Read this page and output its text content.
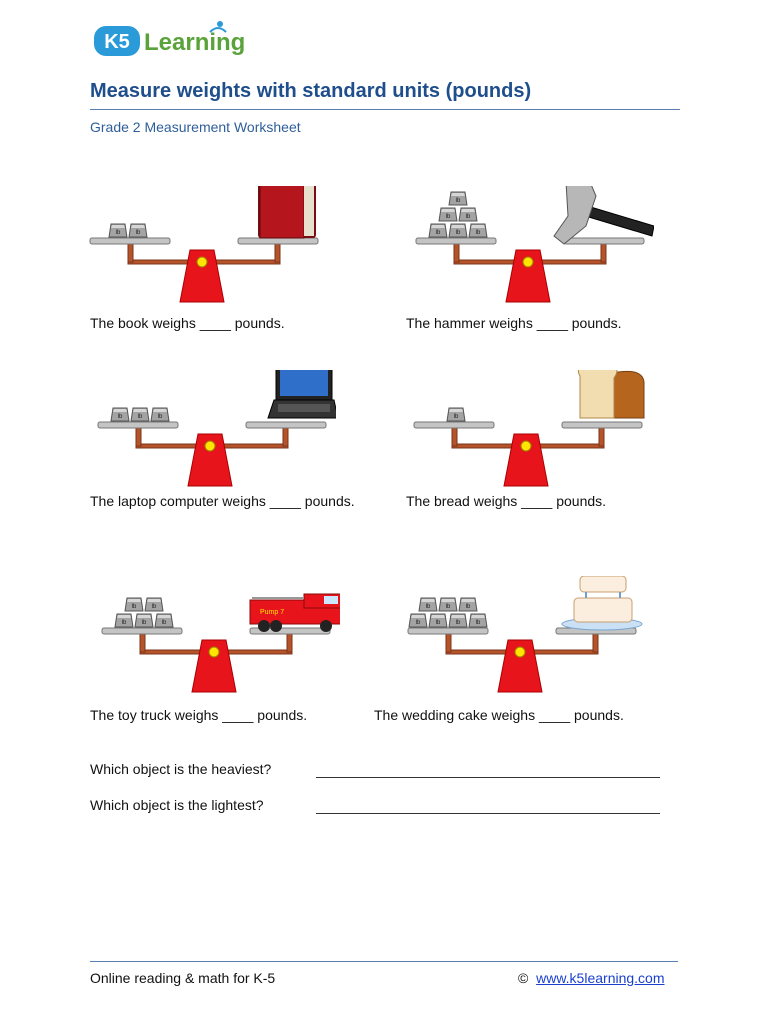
K5 Learning
Measure weights with standard units (pounds)
Grade 2 Measurement Worksheet
The book weighs ____ pounds.	The hammer weighs ____ pounds.
The laptop computer weighs ____ pounds.	The bread weighs ____ pounds.
Pump 7
The toy truck weighs ____ pounds.	The wedding cake weighs ____ pounds.
Which object is the heaviest?
Which object is the lightest?
Online reading & math for K-5	© www.k5learning.com
